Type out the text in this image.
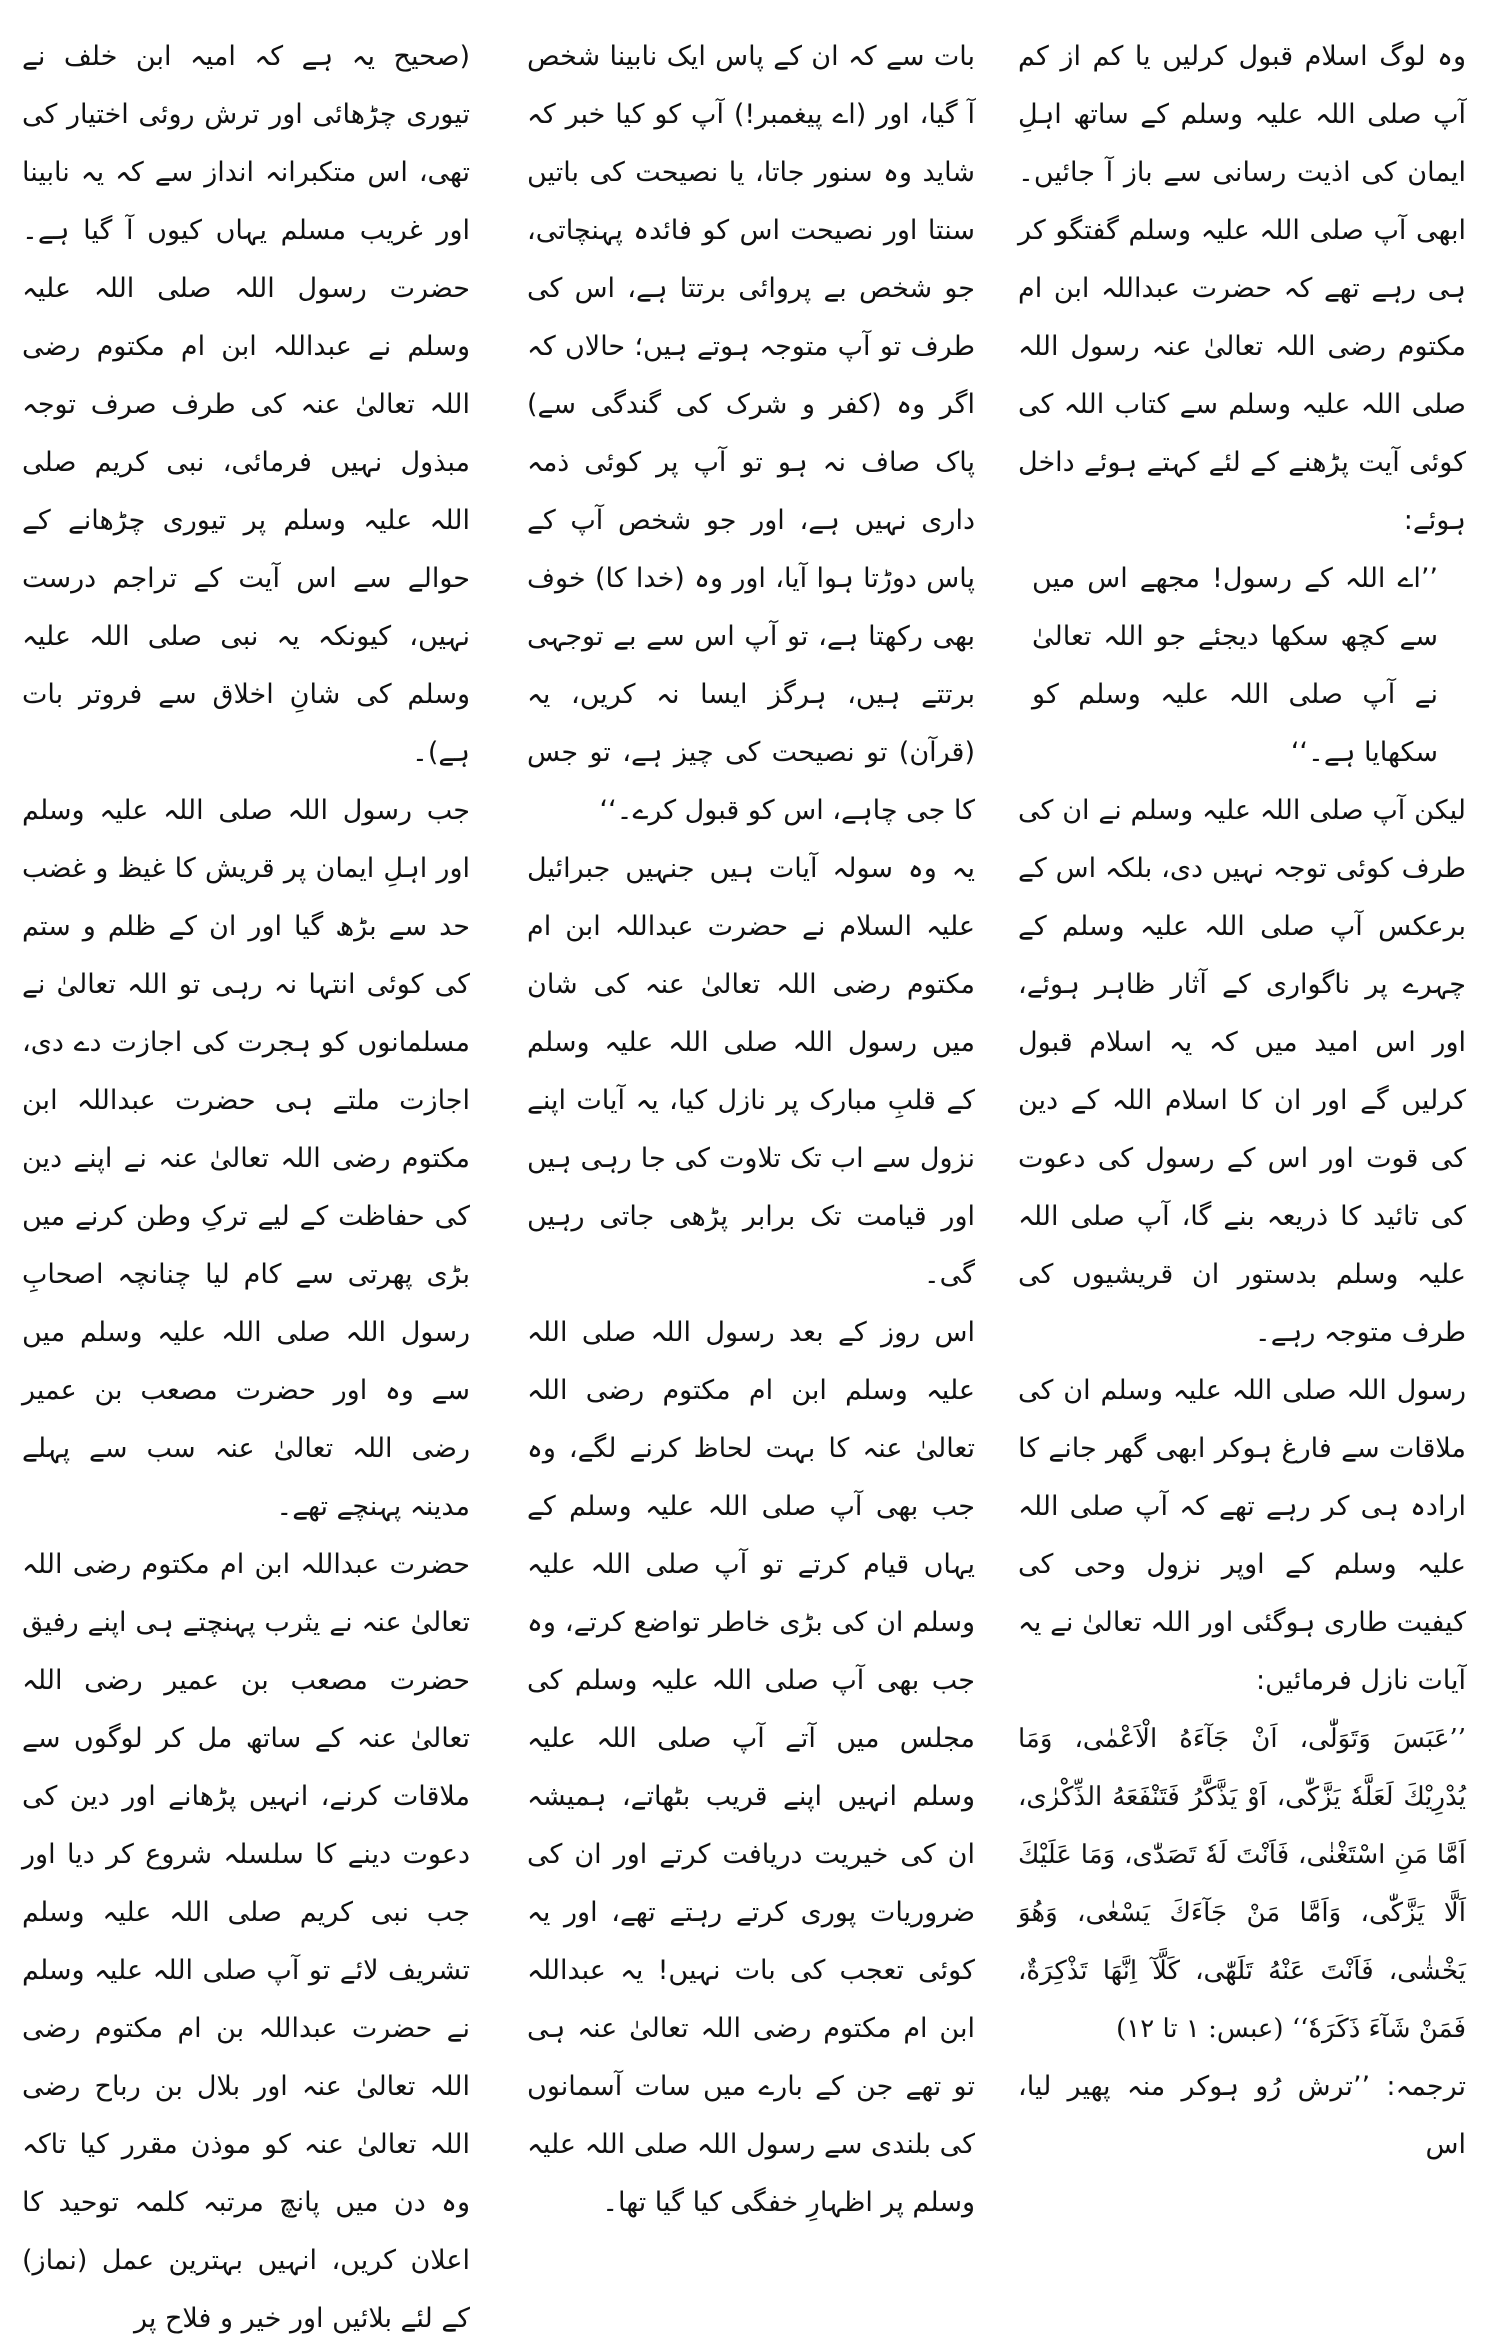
وہ لوگ اسلام قبول کرلیں یا کم از کم آپ صلی اللہ علیہ وسلم کے ساتھ اہلِ ایمان کی اذیت رسانی سے باز آ جائیں۔ ابھی آپ صلی اللہ علیہ وسلم گفتگو کر ہی رہے تھے کہ حضرت عبداللہ ابن ام مکتوم رضی اللہ تعالیٰ عنہ رسول اللہ صلی اللہ علیہ وسلم سے کتاب اللہ کی کوئی آیت پڑھنے کے لئے کہتے ہوئے داخل ہوئے:

’’اے اللہ کے رسول! مجھے اس میں سے کچھ سکھا دیجئے جو اللہ تعالیٰ نے آپ صلی اللہ علیہ وسلم کو سکھایا ہے۔‘‘

لیکن آپ صلی اللہ علیہ وسلم نے ان کی طرف کوئی توجہ نہیں دی، بلکہ اس کے برعکس آپ صلی اللہ علیہ وسلم کے چہرے پر ناگواری کے آثار ظاہر ہوئے، اور اس امید میں کہ یہ اسلام قبول کرلیں گے اور ان کا اسلام اللہ کے دین کی قوت اور اس کے رسول کی دعوت کی تائید کا ذریعہ بنے گا، آپ صلی اللہ علیہ وسلم بدستور ان قریشیوں کی طرف متوجہ رہے۔

رسول اللہ صلی اللہ علیہ وسلم ان کی ملاقات سے فارغ ہوکر ابھی گھر جانے کا ارادہ ہی کر رہے تھے کہ آپ صلی اللہ علیہ وسلم کے اوپر نزول وحی کی کیفیت طاری ہوگئی اور اللہ تعالیٰ نے یہ آیات نازل فرمائیں:

’’عَبَسَ وَتَوَلّٰی، اَنْ جَآءَهُ الْاَعْمٰی، وَمَا یُدْرِیْكَ لَعَلَّهٗ یَزَّكّٰی، اَوْ یَذَّكَّرُ فَتَنْفَعَهُ الذِّكْرٰی، اَمَّا مَنِ اسْتَغْنٰی، فَاَنْتَ لَهٗ تَصَدّٰی، وَمَا عَلَیْكَ اَلَّا یَزَّكّٰی، وَاَمَّا مَنْ جَآءَكَ یَسْعٰی، وَهُوَ یَخْشٰی، فَاَنْتَ عَنْهُ تَلَهّٰی، كَلَّآ اِنَّهَا تَذْكِرَةٌ، فَمَنْ شَآءَ ذَكَرَهٗ‘‘ (عبس: ۱ تا ۱۲)

ترجمہ: ’’ترش رُو ہوکر منہ پھیر لیا، اس

بات سے کہ ان کے پاس ایک نابینا شخص آ گیا، اور (اے پیغمبر!) آپ کو کیا خبر کہ شاید وہ سنور جاتا، یا نصیحت کی باتیں سنتا اور نصیحت اس کو فائدہ پہنچاتی، جو شخص بے پروائی برتتا ہے، اس کی طرف تو آپ متوجہ ہوتے ہیں؛ حالاں کہ اگر وہ (کفر و شرک کی گندگی سے) پاک صاف نہ ہو تو آپ پر کوئی ذمہ داری نہیں ہے، اور جو شخص آپ کے پاس دوڑتا ہوا آیا، اور وہ (خدا کا) خوف بھی رکھتا ہے، تو آپ اس سے بے توجہی برتتے ہیں، ہرگز ایسا نہ کریں، یہ (قرآن) تو نصیحت کی چیز ہے، تو جس کا جی چاہے، اس کو قبول کرے۔‘‘

یہ وہ سولہ آیات ہیں جنہیں جبرائیل علیہ السلام نے حضرت عبداللہ ابن ام مکتوم رضی اللہ تعالیٰ عنہ کی شان میں رسول اللہ صلی اللہ علیہ وسلم کے قلبِ مبارک پر نازل کیا، یہ آیات اپنے نزول سے اب تک تلاوت کی جا رہی ہیں اور قیامت تک برابر پڑھی جاتی رہیں گی۔

اس روز کے بعد رسول اللہ صلی اللہ علیہ وسلم ابن ام مکتوم رضی اللہ تعالیٰ عنہ کا بہت لحاظ کرنے لگے، وہ جب بھی آپ صلی اللہ علیہ وسلم کے یہاں قیام کرتے تو آپ صلی اللہ علیہ وسلم ان کی بڑی خاطر تواضع کرتے، وہ جب بھی آپ صلی اللہ علیہ وسلم کی مجلس میں آتے آپ صلی اللہ علیہ وسلم انہیں اپنے قریب بٹھاتے، ہمیشہ ان کی خیریت دریافت کرتے اور ان کی ضروریات پوری کرتے رہتے تھے، اور یہ کوئی تعجب کی بات نہیں! یہ عبداللہ ابن ام مکتوم رضی اللہ تعالیٰ عنہ ہی تو تھے جن کے بارے میں سات آسمانوں کی بلندی سے رسول اللہ صلی اللہ علیہ وسلم پر اظہارِ خفگی کیا گیا تھا۔

(صحیح یہ ہے کہ امیہ ابن خلف نے تیوری چڑھائی اور ترش روئی اختیار کی تھی، اس متکبرانہ انداز سے کہ یہ نابینا اور غریب مسلم یہاں کیوں آ گیا ہے۔ حضرت رسول اللہ صلی اللہ علیہ وسلم نے عبداللہ ابن ام مکتوم رضی اللہ تعالیٰ عنہ کی طرف صرف توجہ مبذول نہیں فرمائی، نبی کریم صلی اللہ علیہ وسلم پر تیوری چڑھانے کے حوالے سے اس آیت کے تراجم درست نہیں، کیونکہ یہ نبی صلی اللہ علیہ وسلم کی شانِ اخلاق سے فروتر بات ہے)۔

جب رسول اللہ صلی اللہ علیہ وسلم اور اہلِ ایمان پر قریش کا غیظ و غضب حد سے بڑھ گیا اور ان کے ظلم و ستم کی کوئی انتہا نہ رہی تو اللہ تعالیٰ نے مسلمانوں کو ہجرت کی اجازت دے دی، اجازت ملتے ہی حضرت عبداللہ ابن مکتوم رضی اللہ تعالیٰ عنہ نے اپنے دین کی حفاظت کے لیے ترکِ وطن کرنے میں بڑی پھرتی سے کام لیا چنانچہ اصحابِ رسول اللہ صلی اللہ علیہ وسلم میں سے وہ اور حضرت مصعب بن عمیر رضی اللہ تعالیٰ عنہ سب سے پہلے مدینہ پہنچے تھے۔

حضرت عبداللہ ابن ام مکتوم رضی اللہ تعالیٰ عنہ نے یثرب پہنچتے ہی اپنے رفیق حضرت مصعب بن عمیر رضی اللہ تعالیٰ عنہ کے ساتھ مل کر لوگوں سے ملاقات کرنے، انہیں پڑھانے اور دین کی دعوت دینے کا سلسلہ شروع کر دیا اور جب نبی کریم صلی اللہ علیہ وسلم تشریف لائے تو آپ صلی اللہ علیہ وسلم نے حضرت عبداللہ بن ام مکتوم رضی اللہ تعالیٰ عنہ اور بلال بن رباح رضی اللہ تعالیٰ عنہ کو موذن مقرر کیا تاکہ وہ دن میں پانچ مرتبہ کلمہ توحید کا اعلان کریں، انہیں بہترین عمل (نماز) کے لئے بلائیں اور خیر و فلاح پر
